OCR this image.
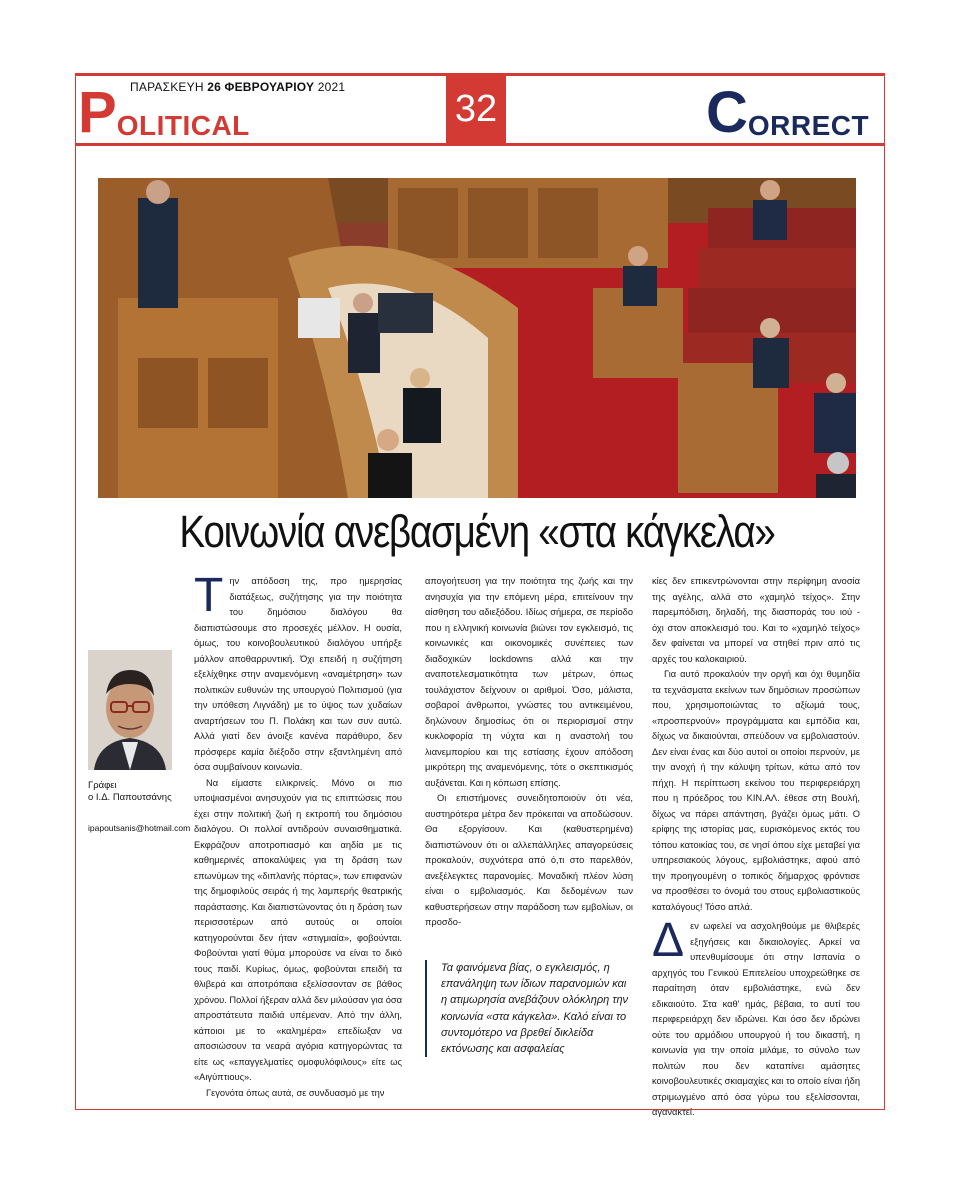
ΠΑΡΑΣΚΕΥΗ 26 ΦΕΒΡΟΥΑΡΙΟΥ 2021
POLITICAL	32	CORRECT
Κοινωνία ανεβασμένη «στα κάγκελα»
Γράφει
ο Ι.Δ. Παπουτσάνης
ipapoutsanis@hotmail.com

Την απόδοση της, προ ημερησίας διατάξεως, συζήτησης για την ποιότητα του δημόσιου διαλόγου θα διαπιστώσουμε στο προσεχές μέλλον. Η ουσία, όμως, του κοινοβουλευτικού διαλόγου υπήρξε μάλλον αποθαρρυντική. Όχι επειδή η συζήτηση εξελίχθηκε στην αναμενόμενη «αναμέτρηση» των πολιτικών ευθυνών της υπουργού Πολιτισμού (για την υπόθεση Λιγνάδη) με το ύψος των χυδαίων αναρτήσεων του Π. Πολάκη και των συν αυτώ. Αλλά γιατί δεν άνοιξε κανένα παράθυρο, δεν πρόσφερε καμία διέξοδο στην εξαντλημένη από όσα συμβαίνουν κοινωνία.

Να είμαστε ειλικρινείς. Μόνο οι πιο υποψιασμένοι ανησυχούν για τις επιπτώσεις που έχει στην πολιτική ζωή η εκτροπή του δημόσιου διαλόγου. Οι πολλοί αντιδρούν συναισθηματικά. Εκφράζουν αποτροπιασμό και αηδία με τις καθημερινές αποκαλύψεις για τη δράση των επωνύμων της «διπλανής πόρτας», των επιφανών της δημοφιλούς σειράς ή της λαμπερής θεατρικής παράστασης. Και διαπιστώνοντας ότι η δράση των περισσοτέρων από αυτούς οι οποίοι κατηγορούνται δεν ήταν «στιγμιαία», φοβούνται. Φοβούνται γιατί θύμα μπορούσε να είναι το δικό τους παιδί. Κυρίως, όμως, φοβούνται επειδή τα θλιβερά και αποτρόπαια εξελίσσονταν σε βάθος χρόνου. Πολλοί ήξεραν αλλά δεν μιλούσαν για όσα απροστάτευτα παιδιά υπέμεναν. Από την άλλη, κάποιοι με το «καλημέρα» επεδίωξαν να αποσιώσουν τα νεαρά αγόρια κατηγορώντας τα είτε ως «επαγγελματίες ομοφυλόφιλους» είτε ως «Αιγύπτιους».

Γεγονότα όπως αυτά, σε συνδυασμό με την

απογοήτευση για την ποιότητα της ζωής και την ανησυχία για την επόμενη μέρα, επιτείνουν την αίσθηση του αδιεξόδου. Ιδίως σήμερα, σε περίοδο που η ελληνική κοινωνία βιώνει τον εγκλεισμό, τις κοινωνικές και οικονομικές συνέπειες των διαδοχικών lockdowns αλλά και την αναποτελεσματικότητα των μέτρων, όπως τουλάχιστον δείχνουν οι αριθμοί. Όσο, μάλιστα, σοβαροί άνθρωποι, γνώστες του αντικειμένου, δηλώνουν δημοσίως ότι οι περιορισμοί στην κυκλοφορία τη νύχτα και η αναστολή του λιανεμπορίου και της εστίασης έχουν απόδοση μικρότερη της αναμενόμενης, τότε ο σκεπτικισμός αυξάνεται. Και η κόπωση επίσης.

Οι επιστήμονες συνειδητοποιούν ότι νέα, αυστηρότερα μέτρα δεν πρόκειται να αποδώσουν. Θα εξοργίσουν. Και (καθυστερημένα) διαπιστώνουν ότι οι αλλεπάλληλες απαγορεύσεις προκαλούν, συχνότερα από ό,τι στο παρελθόν, ανεξέλεγκτες παρανομίες. Μοναδική πλέον λύση είναι ο εμβολιασμός. Και δεδομένων των καθυστερήσεων στην παράδοση των εμβολίων, οι προσδο-

Τα φαινόμενα βίας, ο εγκλεισμός, η επανάληψη των ίδιων παρανομιών και η ατιμωρησία ανεβάζουν ολόκληρη την κοινωνία «στα κάγκελα». Καλό είναι το συντομότερο να βρεθεί δικλείδα εκτόνωσης και ασφαλείας

κίες δεν επικεντρώνονται στην περίφημη ανοσία της αγέλης, αλλά στο «χαμηλό τείχος». Στην παρεμπόδιση, δηλαδή, της διασποράς του ιού - όχι στον αποκλεισμό του. Και το «χαμηλό τείχος» δεν φαίνεται να μπορεί να στηθεί πριν από τις αρχές του καλοκαιριού.

Για αυτό προκαλούν την οργή και όχι θυμηδία τα τεχνάσματα εκείνων των δημόσιων προσώπων που, χρησιμοποιώντας το αξίωμά τους, «προσπερνούν» προγράμματα και εμπόδια και, δίχως να δικαιούνται, σπεύδουν να εμβολιαστούν. Δεν είναι ένας και δύο αυτοί οι οποίοι περνούν, με την ανοχή ή την κάλυψη τρίτων, κάτω από τον πήχη. Η περίπτωση εκείνου του περιφερειάρχη που η πρόεδρος του ΚΙΝ.ΑΛ. έθεσε στη Βουλή, δίχως να πάρει απάντηση, βγάζει όμως μάτι. Ο ερίφης της ιστορίας μας, ευρισκόμενος εκτός του τόπου κατοικίας του, σε νησί όπου είχε μεταβεί για υπηρεσιακούς λόγους, εμβολιάστηκε, αφού από την προηγουμένη ο τοπικός δήμαρχος φρόντισε να προσθέσει το όνομά του στους εμβολιαστικούς καταλόγους! Τόσο απλά.

Δεν ωφελεί να ασχοληθούμε με θλιβερές εξηγήσεις και δικαιολογίες. Αρκεί να υπενθυμίσουμε ότι στην Ισπανία ο αρχηγός του Γενικού Επιτελείου υποχρεώθηκε σε παραίτηση όταν εμβολιάστηκε, ενώ δεν εδικαιούτο. Στα καθ' ημάς, βέβαια, το αυτί του περιφερειάρχη δεν ιδρώνει. Και όσο δεν ιδρώνει ούτε του αρμόδιου υπουργού ή του δικαστή, η κοινωνία για την οποία μιλάμε, το σύνολο των πολιτών που δεν καταπίνει αμάσητες κοινοβουλευτικές σκιαμαχίες και το οποίο είναι ήδη στριμωγμένο από όσα γύρω του εξελίσσονται, αγανακτεί.
